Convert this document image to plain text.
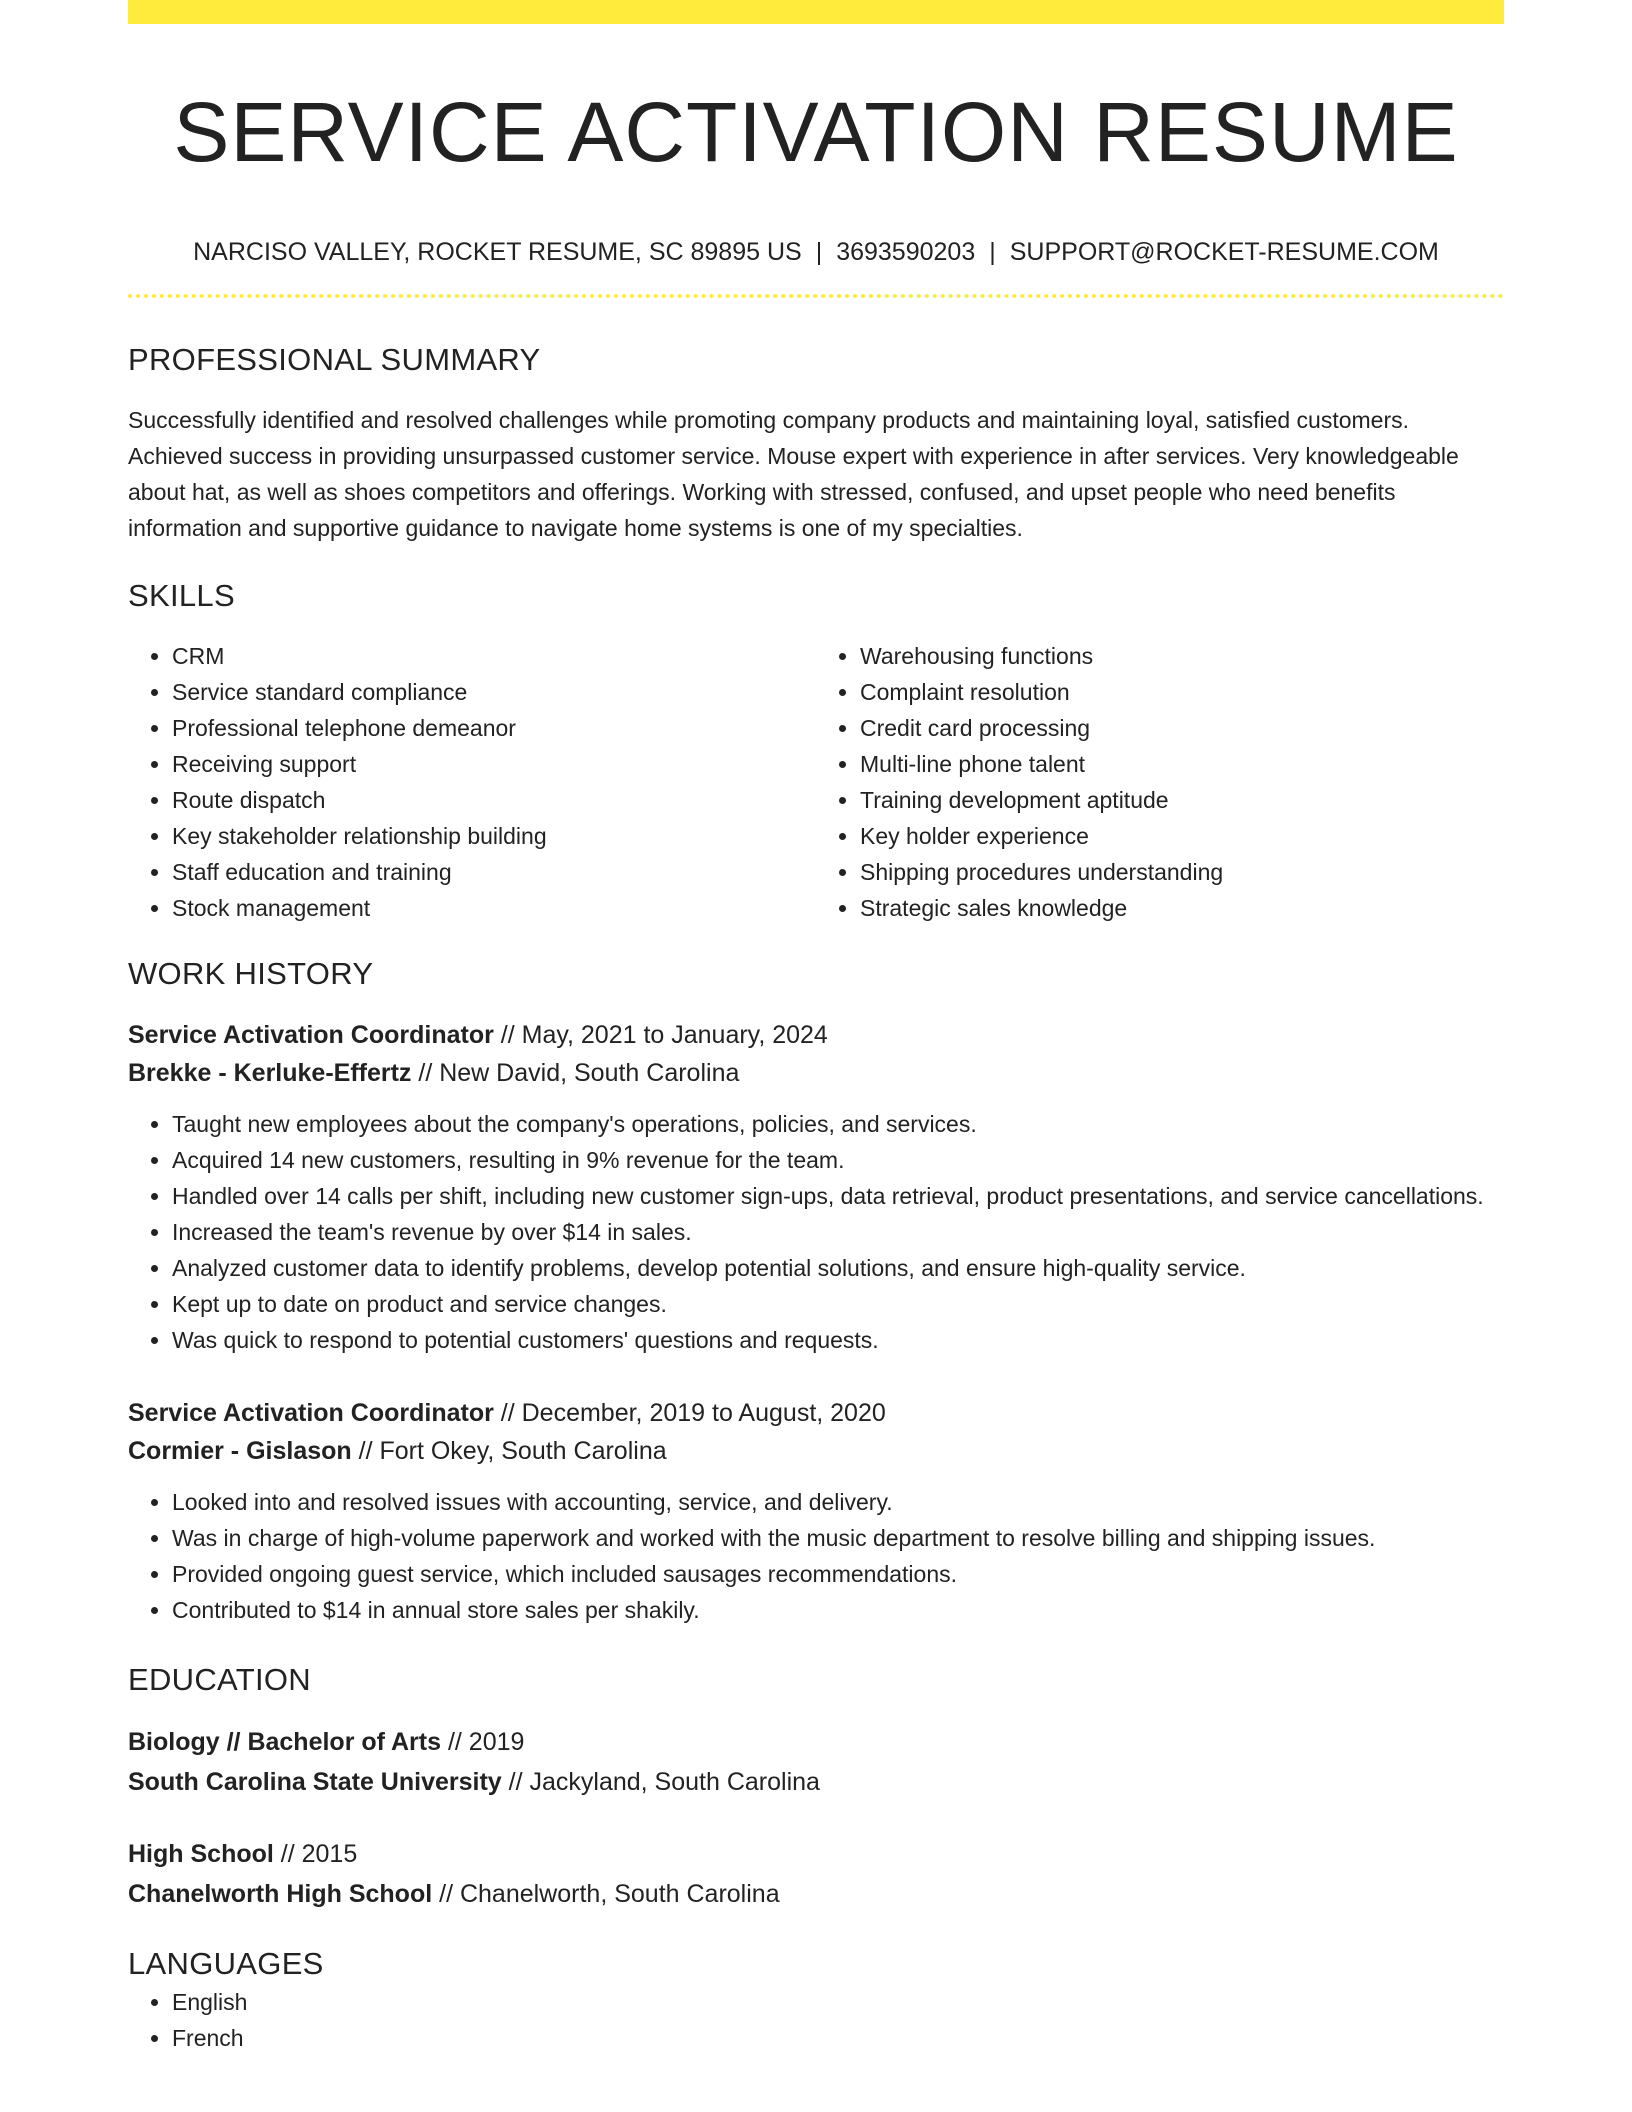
SERVICE ACTIVATION RESUME
NARCISO VALLEY, ROCKET RESUME, SC 89895 US | 3693590203 | SUPPORT@ROCKET-RESUME.COM
PROFESSIONAL SUMMARY

Successfully identified and resolved challenges while promoting company products and maintaining loyal, satisfied customers. Achieved success in providing unsurpassed customer service. Mouse expert with experience in after services. Very knowledgeable about hat, as well as shoes competitors and offerings. Working with stressed, confused, and upset people who need benefits information and supportive guidance to navigate home systems is one of my specialties.

SKILLS
• CRM
• Service standard compliance
• Professional telephone demeanor
• Receiving support
• Route dispatch
• Key stakeholder relationship building
• Staff education and training
• Stock management
• Warehousing functions
• Complaint resolution
• Credit card processing
• Multi-line phone talent
• Training development aptitude
• Key holder experience
• Shipping procedures understanding
• Strategic sales knowledge
WORK HISTORY
Service Activation Coordinator // May, 2021 to January, 2024
Brekke - Kerluke-Effertz // New David, South Carolina
• Taught new employees about the company's operations, policies, and services.
• Acquired 14 new customers, resulting in 9% revenue for the team.
• Handled over 14 calls per shift, including new customer sign-ups, data retrieval, product presentations, and service cancellations.
• Increased the team's revenue by over $14 in sales.
• Analyzed customer data to identify problems, develop potential solutions, and ensure high-quality service.
• Kept up to date on product and service changes.
• Was quick to respond to potential customers' questions and requests.
Service Activation Coordinator // December, 2019 to August, 2020
Cormier - Gislason // Fort Okey, South Carolina
• Looked into and resolved issues with accounting, service, and delivery.
• Was in charge of high-volume paperwork and worked with the music department to resolve billing and shipping issues.
• Provided ongoing guest service, which included sausages recommendations.
• Contributed to $14 in annual store sales per shakily.
EDUCATION
Biology // Bachelor of Arts // 2019
South Carolina State University // Jackyland, South Carolina
High School // 2015
Chanelworth High School // Chanelworth, South Carolina
LANGUAGES
• English
• French
